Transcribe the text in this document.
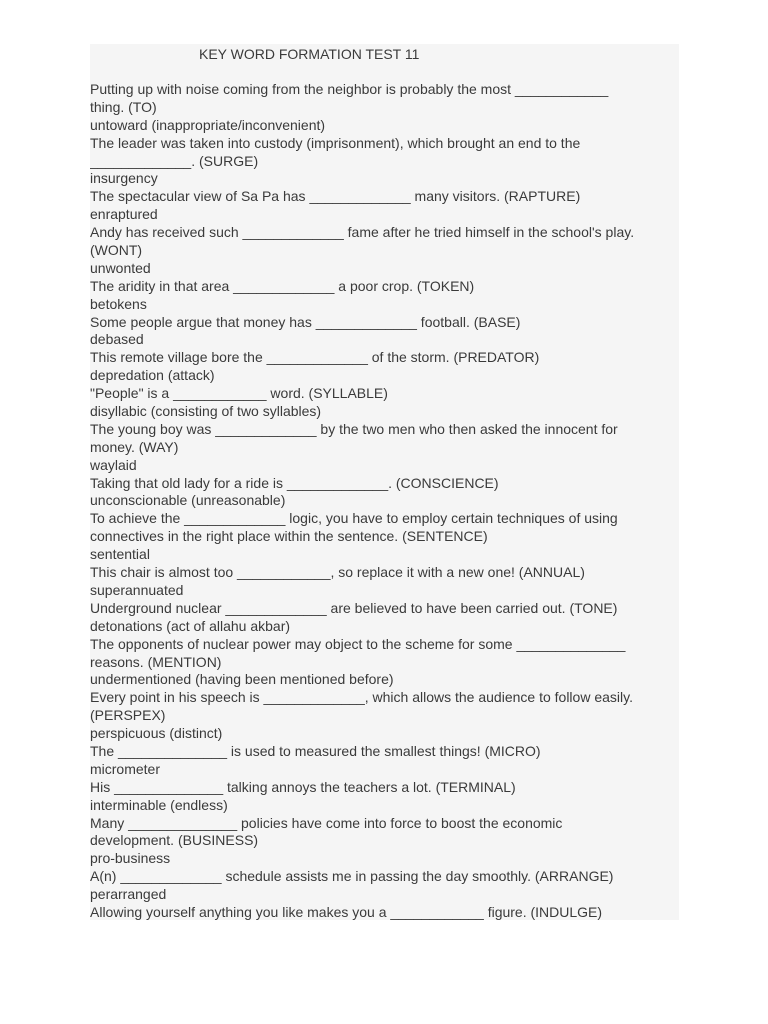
KEY WORD FORMATION TEST 11
Putting up with noise coming from the neighbor is probably the most ____________
thing. (TO)
untoward (inappropriate/inconvenient)
The leader was taken into custody (imprisonment), which brought an end to the
_____________. (SURGE)
insurgency
The spectacular view of Sa Pa has _____________ many visitors. (RAPTURE)
enraptured
Andy has received such _____________ fame after he tried himself in the school's play.
(WONT)
unwonted
The aridity in that area _____________ a poor crop. (TOKEN)
betokens
Some people argue that money has _____________ football. (BASE)
debased
This remote village bore the _____________ of the storm. (PREDATOR)
depredation (attack)
"People" is a ____________ word. (SYLLABLE)
disyllabic (consisting of two syllables)
The young boy was _____________ by the two men who then asked the innocent for
money. (WAY)
waylaid
Taking that old lady for a ride is _____________. (CONSCIENCE)
unconscionable (unreasonable)
To achieve the _____________ logic, you have to employ certain techniques of using
connectives in the right place within the sentence. (SENTENCE)
sentential
This chair is almost too ____________, so replace it with a new one! (ANNUAL)
superannuated
Underground nuclear _____________ are believed to have been carried out. (TONE)
detonations (act of allahu akbar)
The opponents of nuclear power may object to the scheme for some ______________
reasons. (MENTION)
undermentioned (having been mentioned before)
Every point in his speech is _____________, which allows the audience to follow easily.
(PERSPEX)
perspicuous (distinct)
The ______________ is used to measured the smallest things! (MICRO)
micrometer
His ______________ talking annoys the teachers a lot. (TERMINAL)
interminable (endless)
Many ______________ policies have come into force to boost the economic
development. (BUSINESS)
pro-business
A(n) _____________ schedule assists me in passing the day smoothly. (ARRANGE)
perarranged
Allowing yourself anything you like makes you a ____________ figure. (INDULGE)
